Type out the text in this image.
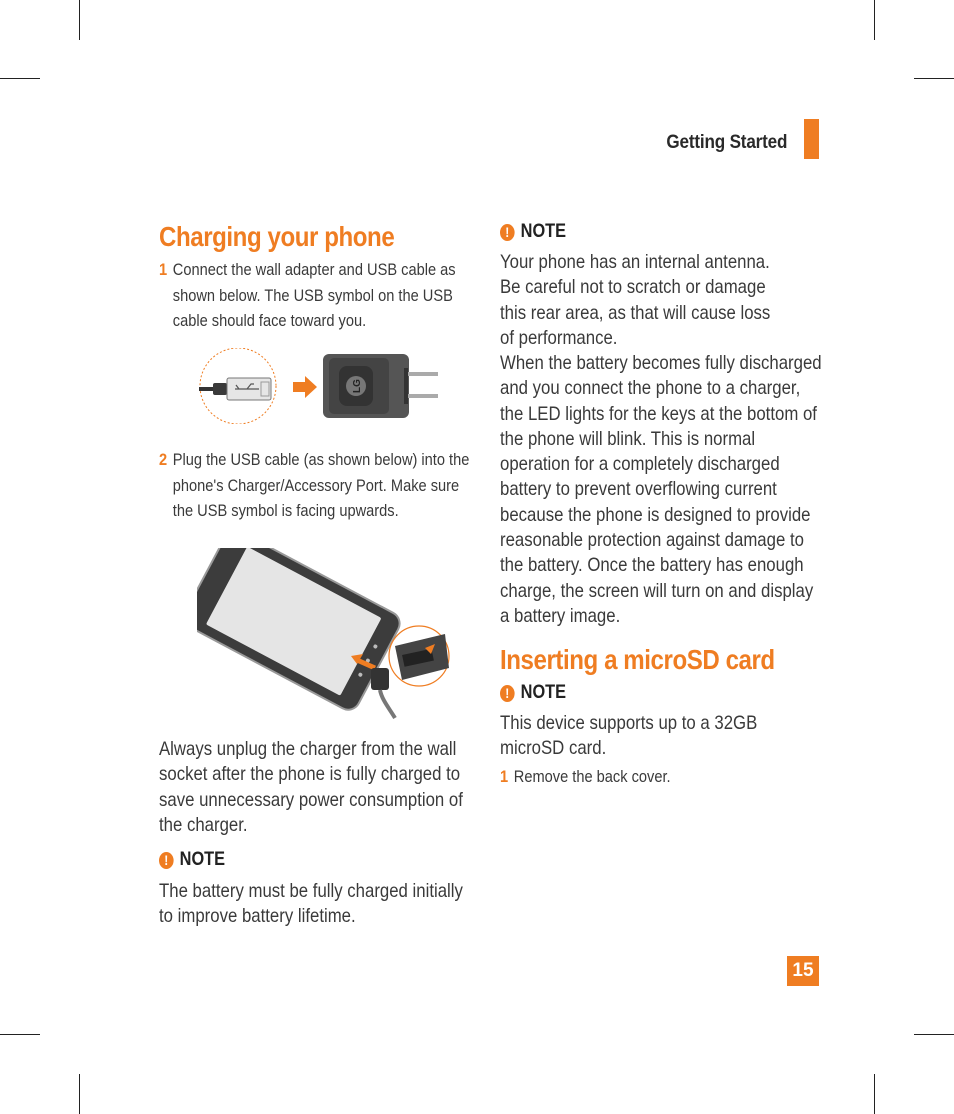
Getting Started
Charging your phone
1 Connect the wall adapter and USB cable as shown below. The USB symbol on the USB cable should face toward you.
LG
2 Plug the USB cable (as shown below) into the phone's Charger/Accessory Port. Make sure the USB symbol is facing upwards.
Always unplug the charger from the wall socket after the phone is fully charged to save unnecessary power consumption of the charger.
! NOTE
The battery must be fully charged initially to improve battery lifetime.
! NOTE
Your phone has an internal antenna. Be careful not to scratch or damage this rear area, as that will cause loss of performance.
When the battery becomes fully discharged and you connect the phone to a charger, the LED lights for the keys at the bottom of the phone will blink. This is normal operation for a completely discharged battery to prevent overflowing current because the phone is designed to provide reasonable protection against damage to the battery. Once the battery has enough charge, the screen will turn on and display a battery image.
Inserting a microSD card
! NOTE
This device supports up to a 32GB microSD card.
1 Remove the back cover.
15
